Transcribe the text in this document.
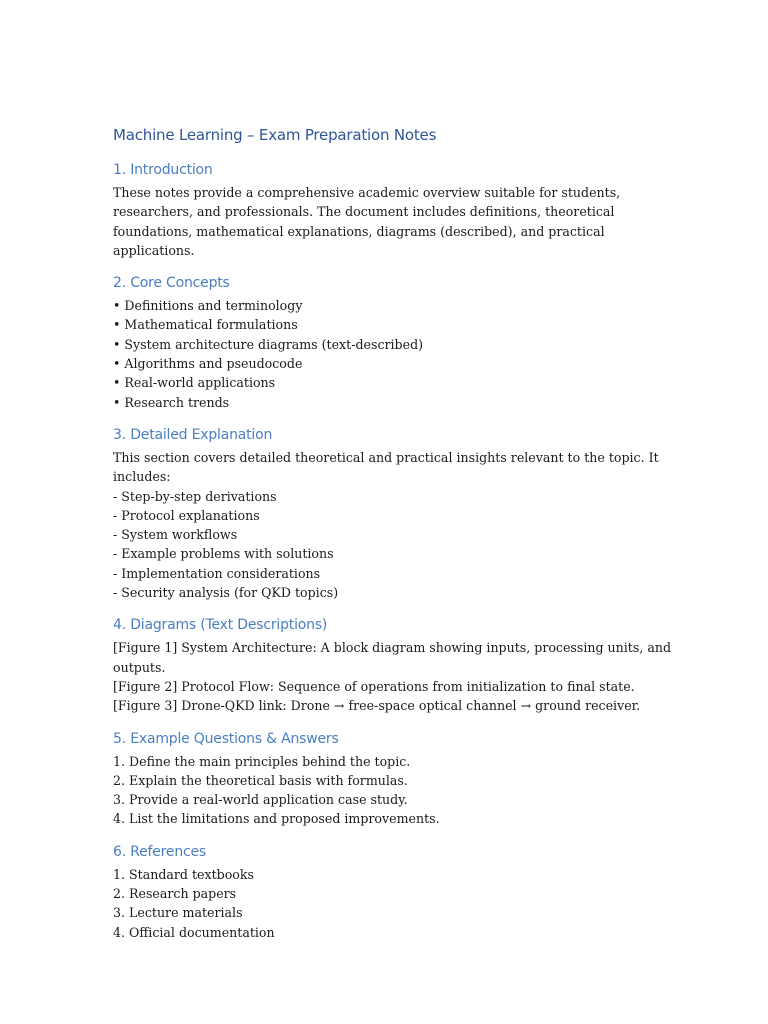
Machine Learning – Exam Preparation Notes
1. Introduction

These notes provide a comprehensive academic overview suitable for students, researchers, and professionals. The document includes definitions, theoretical foundations, mathematical explanations, diagrams (described), and practical applications.

2. Core Concepts
• Definitions and terminology
• Mathematical formulations
• System architecture diagrams (text-described)
• Algorithms and pseudocode
• Real-world applications
• Research trends
3. Detailed Explanation

This section covers detailed theoretical and practical insights relevant to the topic. It includes:

- Step-by-step derivations
- Protocol explanations
- System workflows
- Example problems with solutions
- Implementation considerations
- Security analysis (for QKD topics)
4. Diagrams (Text Descriptions)

[Figure 1] System Architecture: A block diagram showing inputs, processing units, and outputs.

[Figure 2] Protocol Flow: Sequence of operations from initialization to final state.

[Figure 3] Drone-QKD link: Drone → free-space optical channel → ground receiver.

5. Example Questions & Answers
1. Define the main principles behind the topic.
2. Explain the theoretical basis with formulas.
3. Provide a real-world application case study.
4. List the limitations and proposed improvements.
6. References
1. Standard textbooks
2. Research papers
3. Lecture materials
4. Official documentation
